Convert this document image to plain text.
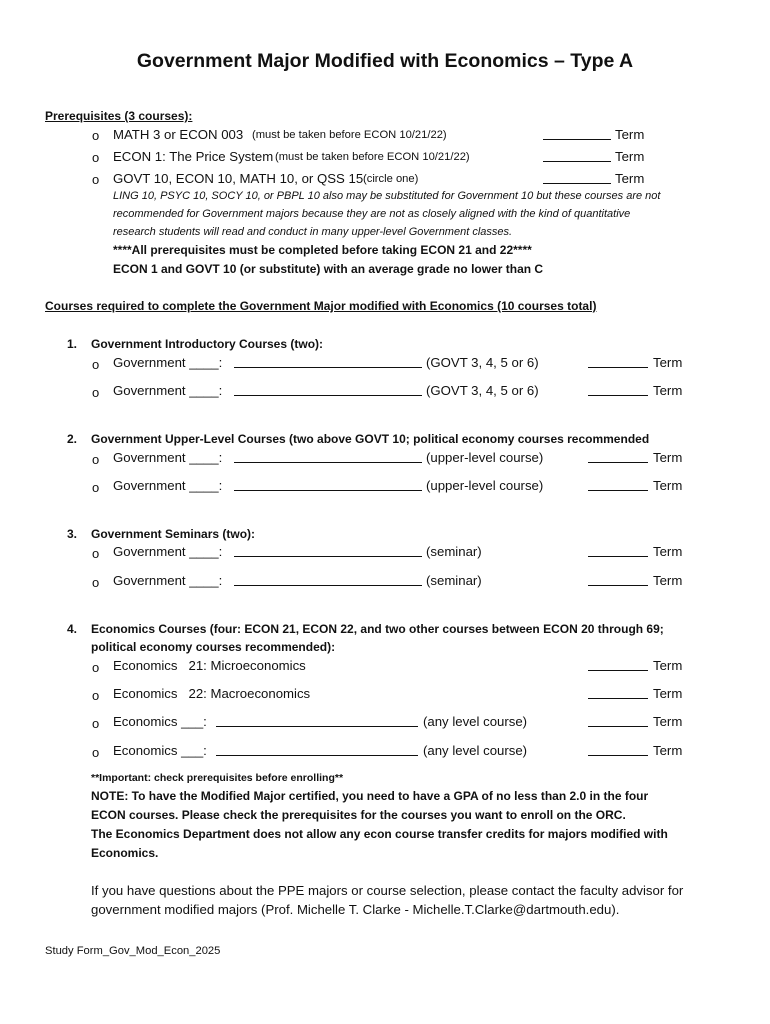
Government Major Modified with Economics – Type A
Prerequisites (3 courses):
o MATH 3 or ECON 003 (must be taken before ECON 10/21/22)	Term
o ECON 1: The Price System (must be taken before ECON 10/21/22)	Term
o GOVT 10, ECON 10, MATH 10, or QSS 15 (circle one)	Term
LING 10, PSYC 10, SOCY 10, or PBPL 10 also may be substituted for Government 10 but these courses are not
recommended for Government majors because they are not as closely aligned with the kind of quantitative
research students will read and conduct in many upper-level Government classes.
****All prerequisites must be completed before taking ECON 21 and 22****
ECON 1 and GOVT 10 (or substitute) with an average grade no lower than C
Courses required to complete the Government Major modified with Economics (10 courses total)
1. Government Introductory Courses (two):
o Government ____:	(GOVT 3, 4, 5 or 6)	Term
o Government ____:	(GOVT 3, 4, 5 or 6)	Term
2. Government Upper-Level Courses (two above GOVT 10; political economy courses recommended
o Government ____:	(upper-level course)	Term
o Government ____:	(upper-level course)	Term
3. Government Seminars (two):
o Government ____:	(seminar)	Term
o Government ____:	(seminar)	Term
4. Economics Courses (four: ECON 21, ECON 22, and two other courses between ECON 20 through 69;
political economy courses recommended):
o Economics   21: Microeconomics	Term
o Economics   22: Macroeconomics	Term
o Economics ___:	(any level course)	Term
o Economics ___:	(any level course)	Term
**Important: check prerequisites before enrolling**
NOTE: To have the Modified Major certified, you need to have a GPA of no less than 2.0 in the four
ECON courses. Please check the prerequisites for the courses you want to enroll on the ORC.
The Economics Department does not allow any econ course transfer credits for majors modified with
Economics.
If you have questions about the PPE majors or course selection, please contact the faculty advisor for
government modified majors (Prof. Michelle T. Clarke - Michelle.T.Clarke@dartmouth.edu).
Study Form_Gov_Mod_Econ_2025
